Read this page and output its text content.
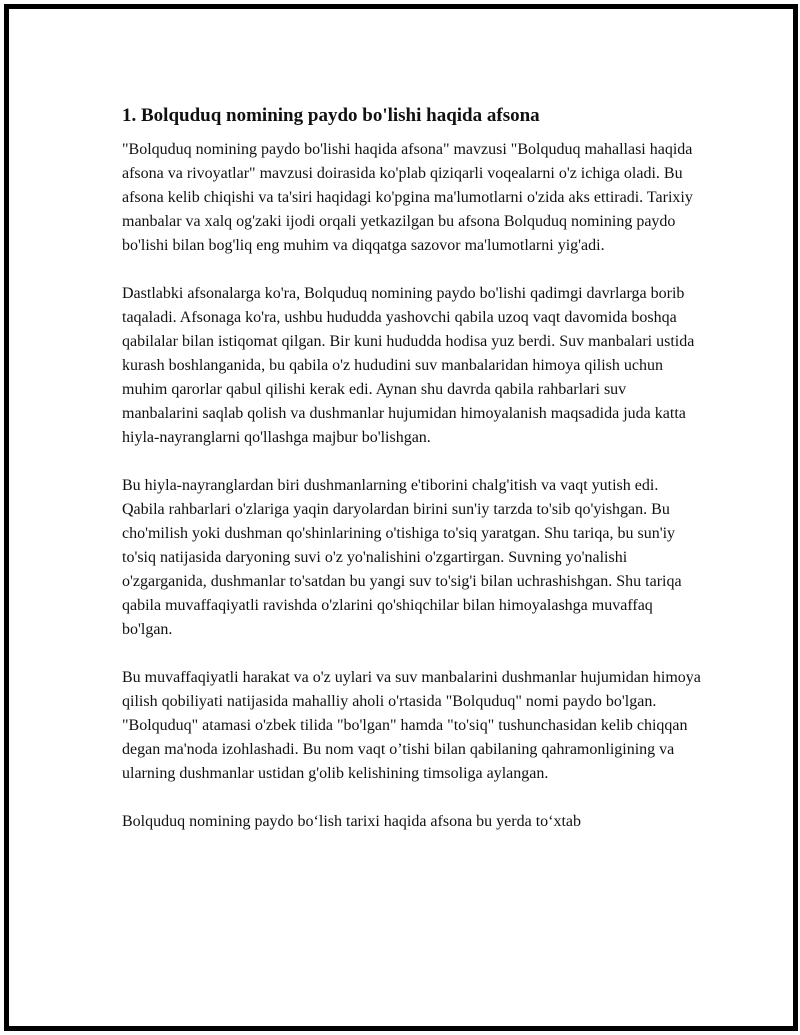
1. Bolquduq nomining paydo bo'lishi haqida afsona

"Bolquduq nomining paydo bo'lishi haqida afsona" mavzusi "Bolquduq mahallasi haqida afsona va rivoyatlar" mavzusi doirasida ko'plab qiziqarli voqealarni o'z ichiga oladi. Bu afsona kelib chiqishi va ta'siri haqidagi ko'pgina ma'lumotlarni o'zida aks ettiradi. Tarixiy manbalar va xalq og'zaki ijodi orqali yetkazilgan bu afsona Bolquduq nomining paydo bo'lishi bilan bog'liq eng muhim va diqqatga sazovor ma'lumotlarni yig'adi.

Dastlabki afsonalarga ko'ra, Bolquduq nomining paydo bo'lishi qadimgi davrlarga borib taqaladi. Afsonaga ko'ra, ushbu hududda yashovchi qabila uzoq vaqt davomida boshqa qabilalar bilan istiqomat qilgan. Bir kuni hududda hodisa yuz berdi. Suv manbalari ustida kurash boshlanganida, bu qabila o'z hududini suv manbalaridan himoya qilish uchun muhim qarorlar qabul qilishi kerak edi. Aynan shu davrda qabila rahbarlari suv manbalarini saqlab qolish va dushmanlar hujumidan himoyalanish maqsadida juda katta hiyla-nayranglarni qo'llashga majbur bo'lishgan.

Bu hiyla-nayranglardan biri dushmanlarning e'tiborini chalg'itish va vaqt yutish edi. Qabila rahbarlari o'zlariga yaqin daryolardan birini sun'iy tarzda to'sib qo'yishgan. Bu cho'milish yoki dushman qo'shinlarining o'tishiga to'siq yaratgan. Shu tariqa, bu sun'iy to'siq natijasida daryoning suvi o'z yo'nalishini o'zgartirgan. Suvning yo'nalishi o'zgarganida, dushmanlar to'satdan bu yangi suv to'sig'i bilan uchrashishgan. Shu tariqa qabila muvaffaqiyatli ravishda o'zlarini qo'shiqchilar bilan himoyalashga muvaffaq bo'lgan.

Bu muvaffaqiyatli harakat va o'z uylari va suv manbalarini dushmanlar hujumidan himoya qilish qobiliyati natijasida mahalliy aholi o'rtasida "Bolquduq" nomi paydo bo'lgan. "Bolquduq" atamasi o'zbek tilida "bo'lgan" hamda "to'siq" tushunchasidan kelib chiqqan degan ma'noda izohlashadi. Bu nom vaqt o’tishi bilan qabilaning qahramonligining va ularning dushmanlar ustidan g'olib kelishining timsoliga aylangan.

Bolquduq nomining paydo bo‘lish tarixi haqida afsona bu yerda to‘xtab
